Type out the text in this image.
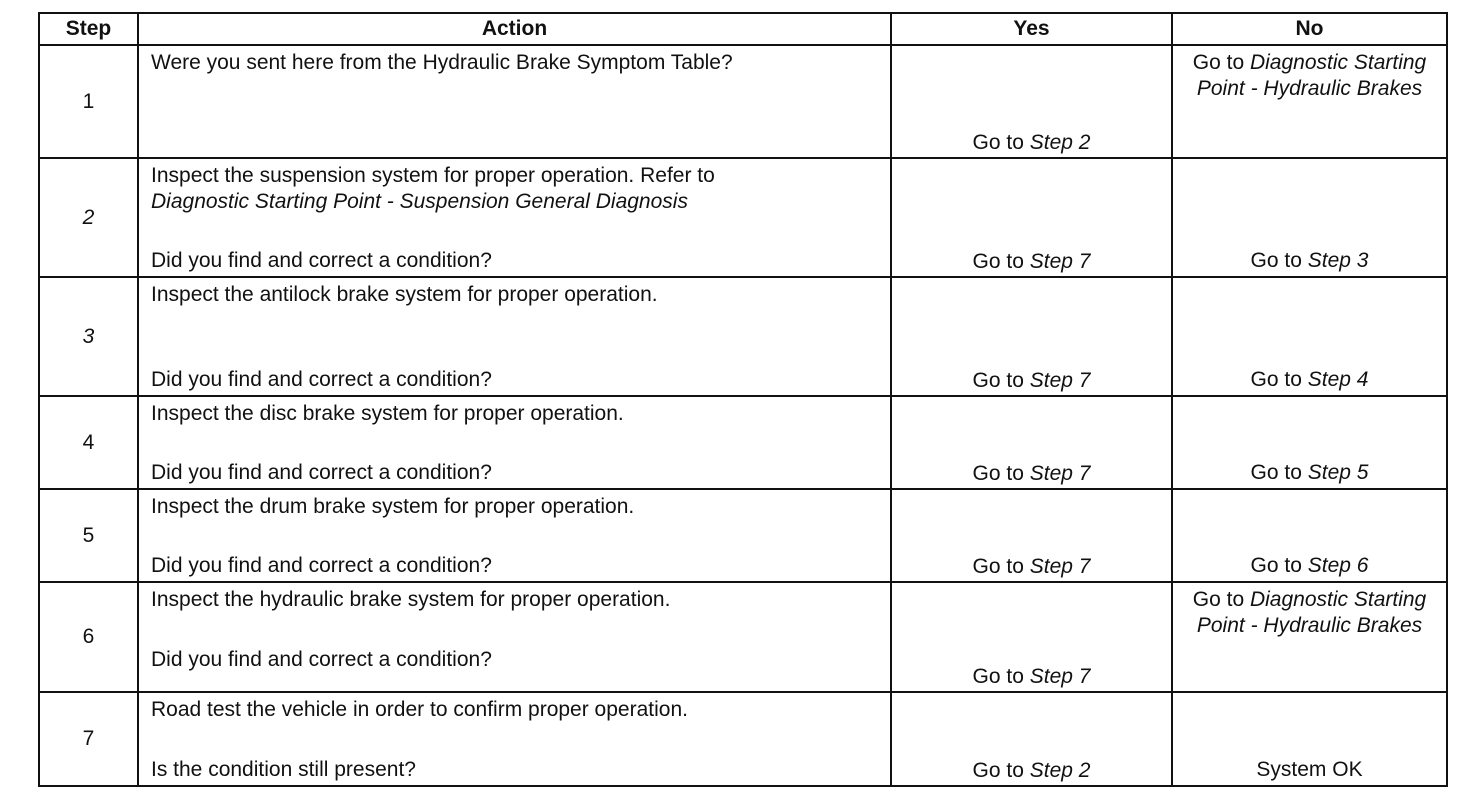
Step	Action	Yes	No
1	Were you sent here from the Hydraulic Brake Symptom Table?	Go to Step 2	Go to Diagnostic Starting Point - Hydraulic Brakes

2	Inspect the suspension system for proper operation. Refer to
Diagnostic Starting Point - Suspension General Diagnosis
Did you find and correct a condition?	Go to Step 7	Go to Step 3

3	Inspect the antilock brake system for proper operation.
Did you find and correct a condition?	Go to Step 7	Go to Step 4

4	Inspect the disc brake system for proper operation.
Did you find and correct a condition?	Go to Step 7	Go to Step 5

5	Inspect the drum brake system for proper operation.
Did you find and correct a condition?	Go to Step 7	Go to Step 6

6	Inspect the hydraulic brake system for proper operation.
Did you find and correct a condition?	Go to Step 7	Go to Diagnostic Starting Point - Hydraulic Brakes

7	Road test the vehicle in order to confirm proper operation.
Is the condition still present?	Go to Step 2	System OK
